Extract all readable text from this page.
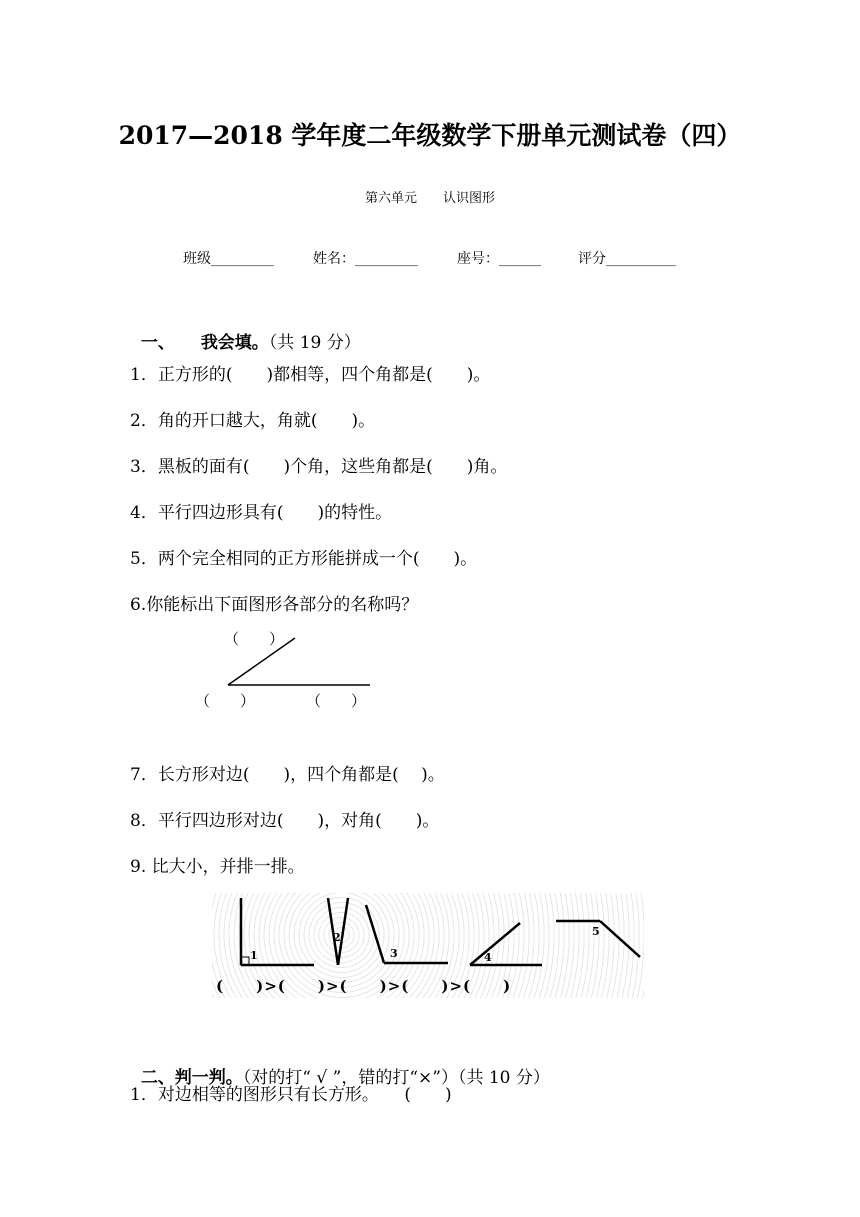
2017—2018 学年度二年级数学下册单元测试卷（四）
第六单元　　认识图形
班级_________	姓名：_________	座号：______	评分__________

一、 我会填。（共 19 分）

1．正方形的(　　)都相等，四个角都是(　　)。
2．角的开口越大，角就(　　)。
3．黑板的面有(　　)个角，这些角都是(　　)角。
4．平行四边形具有(　　)的特性。
5．两个完全相同的正方形能拼成一个(　　)。
6.你能标出下面图形各部分的名称吗？
（　　）
（　　）	（　　）
7．长方形对边(　　)，四个角都是(　 )。
8．平行四边形对边(　　)，对角(　　)。
9. 比大小，并排一排。
1
2
3	4
5
(　　)>(　　)>(　　)>(　　)>(　　)

二、判一判。（对的打“ √ ”，错的打“×”）（共 10 分）

1．对边相等的图形只有长方形。　　(　　)
